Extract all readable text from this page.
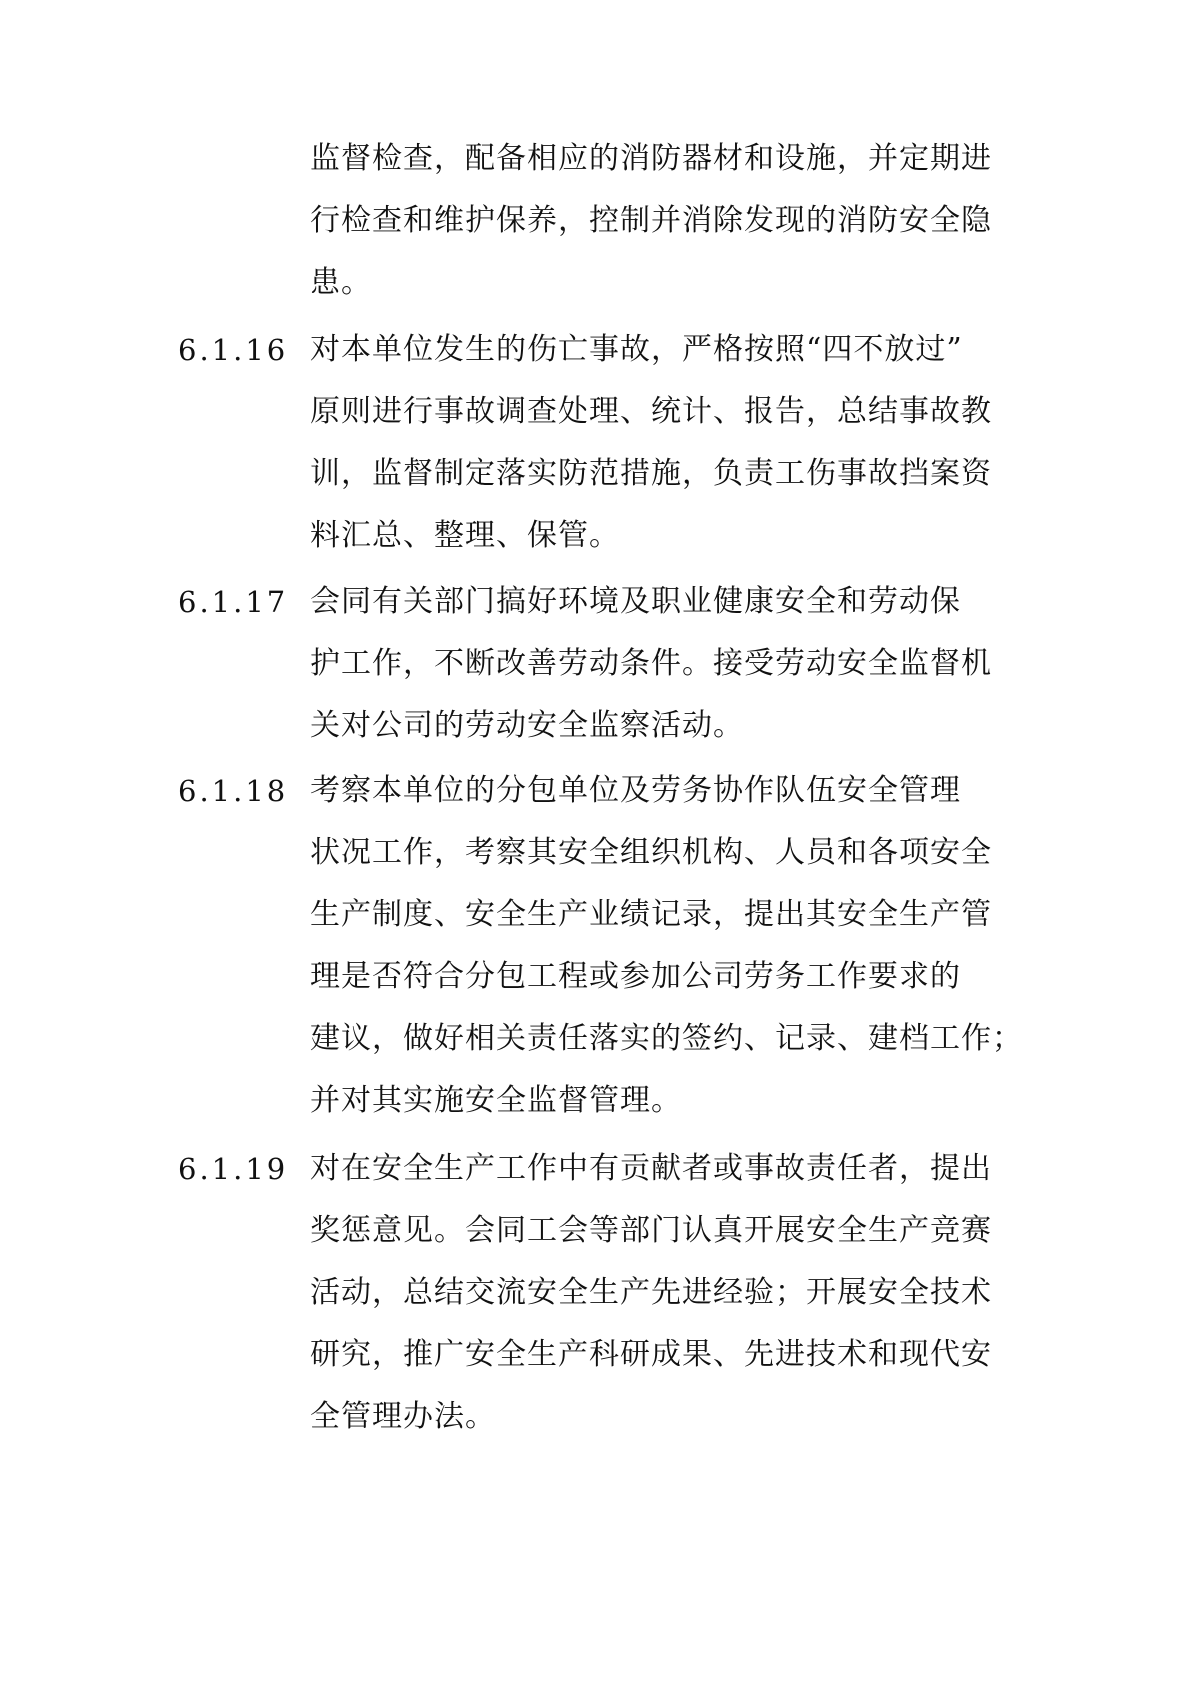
监督检查，配备相应的消防器材和设施，并定期进
行检查和维护保养，控制并消除发现的消防安全隐
患。
6.1.16 对本单位发生的伤亡事故，严格按照“四不放过”
原则进行事故调查处理、统计、报告，总结事故教
训，监督制定落实防范措施，负责工伤事故挡案资
料汇总、整理、保管。
6.1.17 会同有关部门搞好环境及职业健康安全和劳动保
护工作，不断改善劳动条件。接受劳动安全监督机
关对公司的劳动安全监察活动。
6.1.18 考察本单位的分包单位及劳务协作队伍安全管理
状况工作，考察其安全组织机构、人员和各项安全
生产制度、安全生产业绩记录，提出其安全生产管
理是否符合分包工程或参加公司劳务工作要求的
建议，做好相关责任落实的签约、记录、建档工作；
并对其实施安全监督管理。
6.1.19 对在安全生产工作中有贡献者或事故责任者，提出
奖惩意见。会同工会等部门认真开展安全生产竞赛
活动，总结交流安全生产先进经验；开展安全技术
研究，推广安全生产科研成果、先进技术和现代安
全管理办法。
